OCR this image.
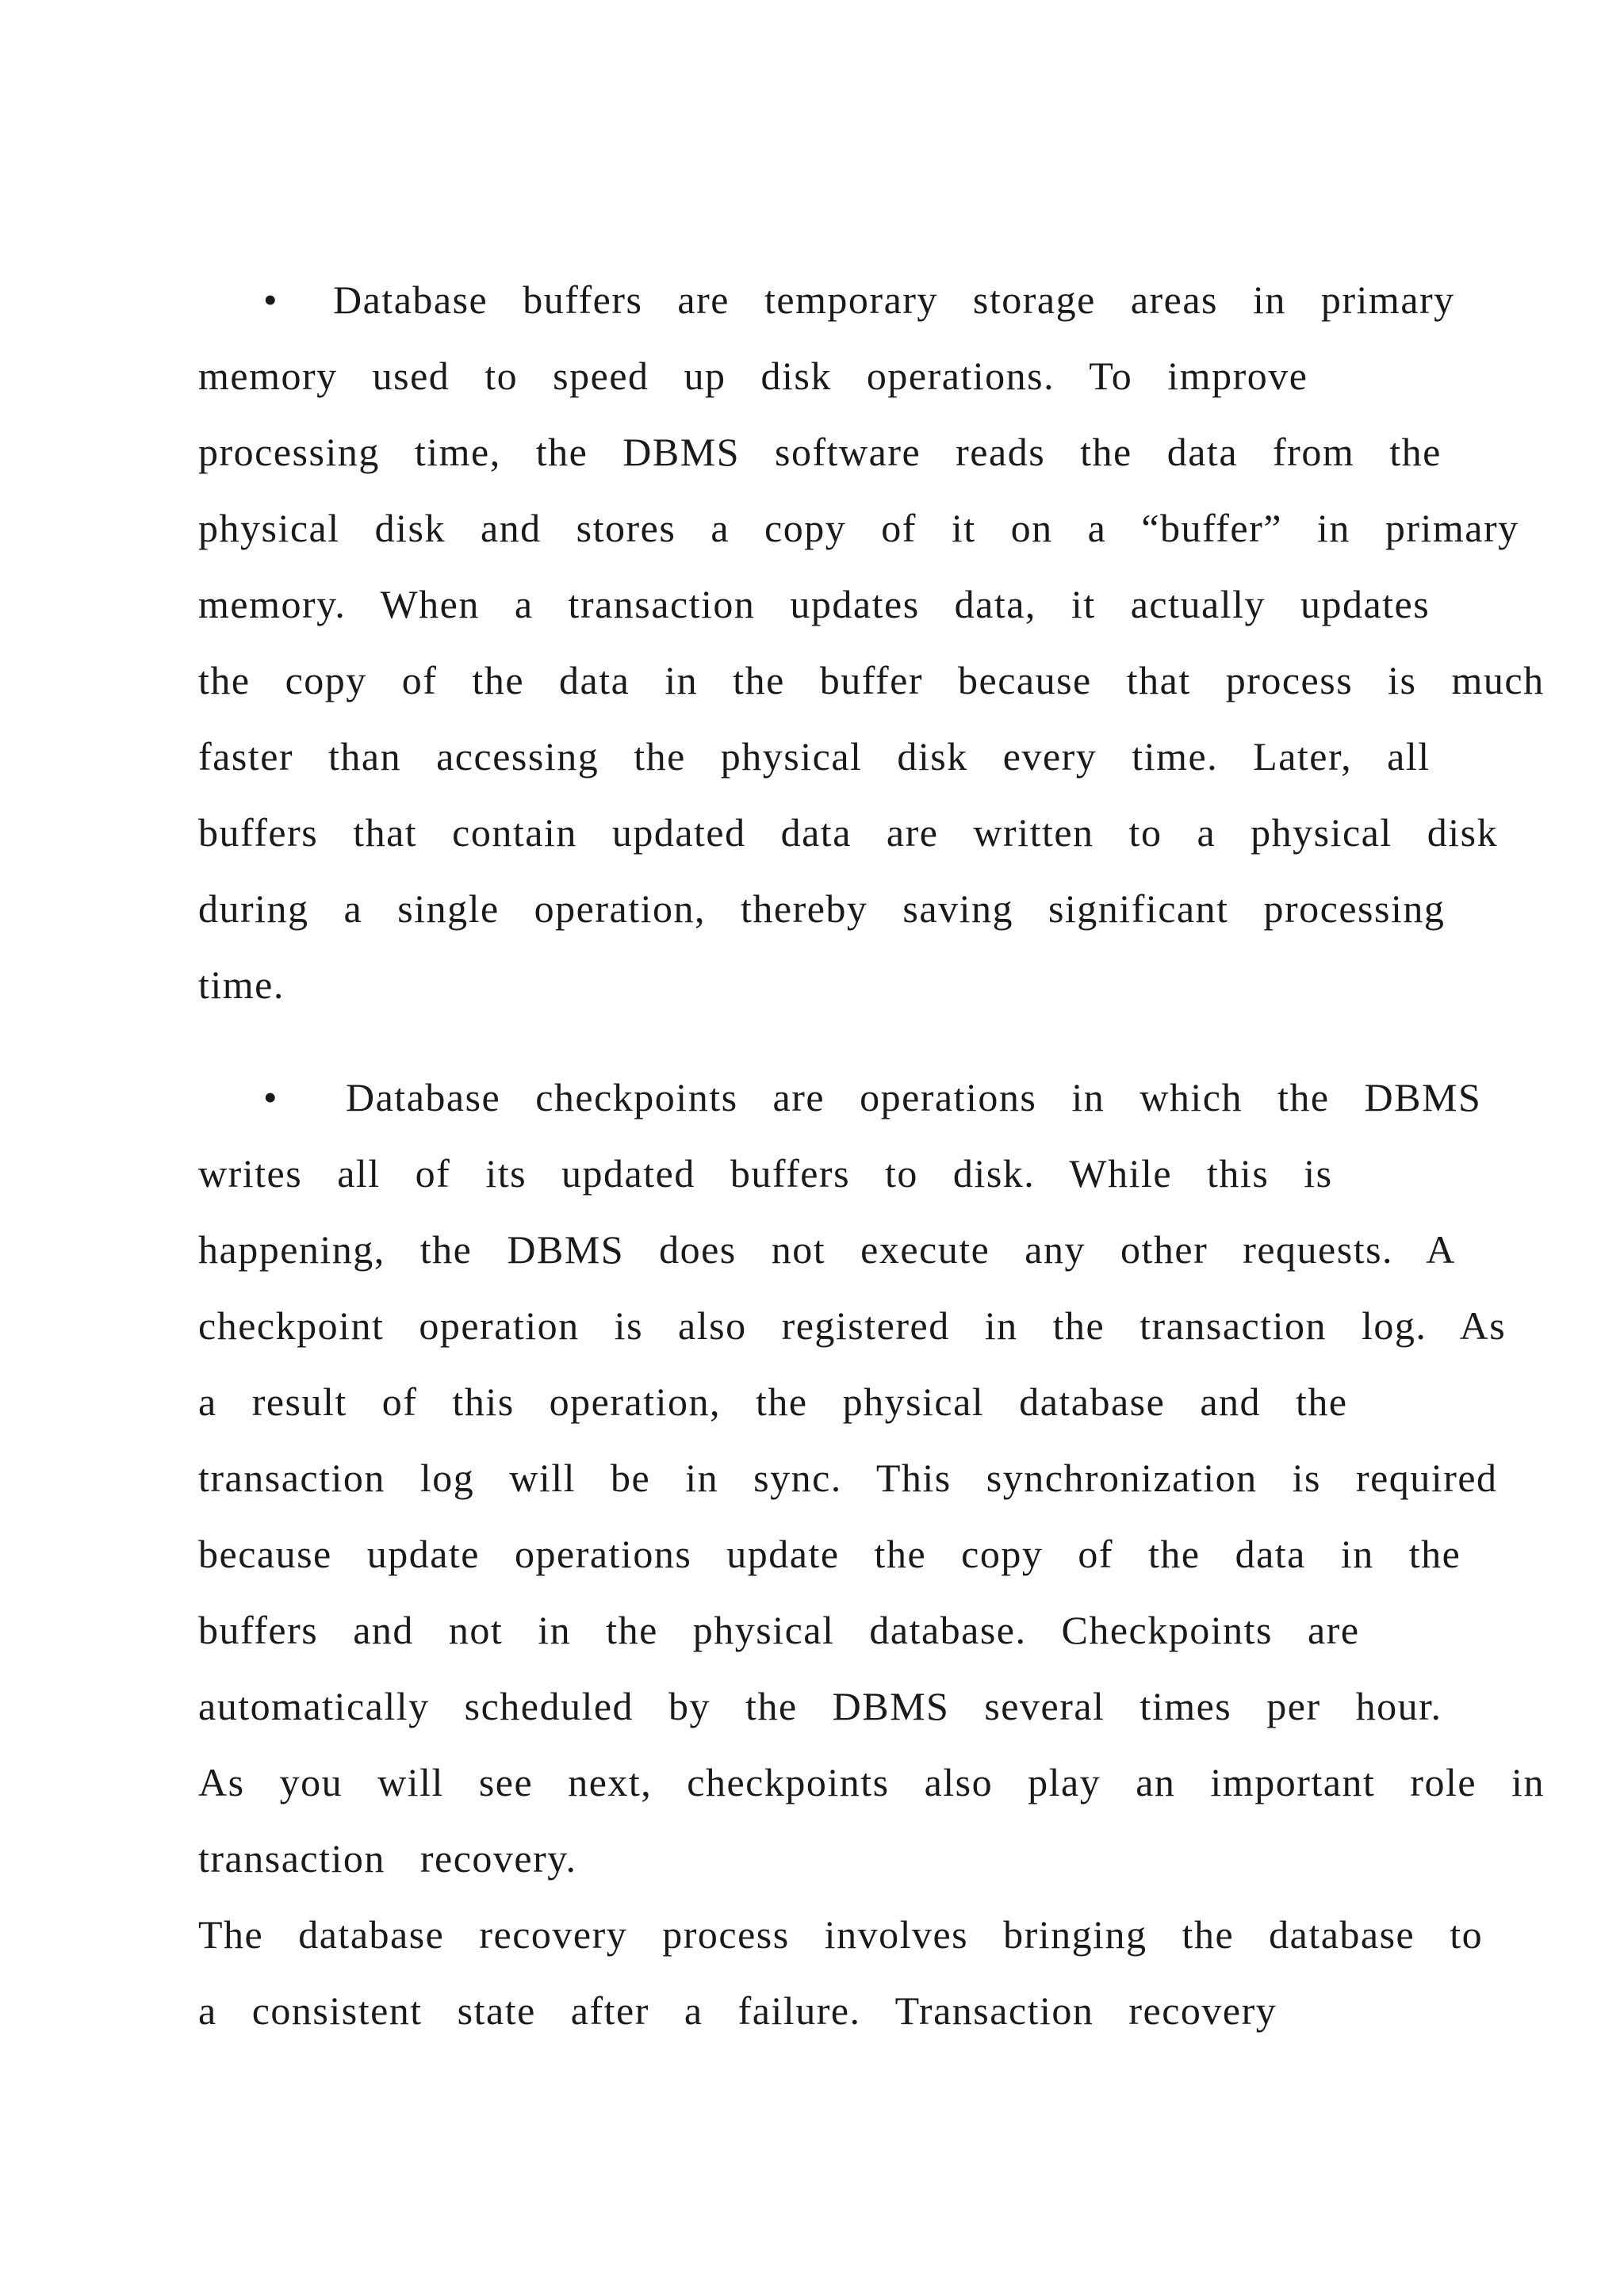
• Database  buffers  are  temporary  storage  areas  in  primary
memory  used  to  speed  up  disk  operations.  To  improve
processing  time,  the  DBMS  software  reads  the  data  from  the
physical  disk  and  stores  a  copy  of  it  on  a  “buffer”  in  primary
memory.  When  a  transaction  updates  data,  it  actually  updates
the  copy  of  the  data  in  the  buffer  because  that  process  is  much
faster  than  accessing  the  physical  disk  every  time.  Later,  all
buffers  that  contain  updated  data  are  written  to  a  physical  disk
during  a  single  operation,  thereby  saving  significant  processing
time.
• Database  checkpoints  are  operations  in  which  the  DBMS
writes  all  of  its  updated  buffers  to  disk.  While  this  is
happening,  the  DBMS  does  not  execute  any  other  requests.  A
checkpoint  operation  is  also  registered  in  the  transaction  log.  As
a  result  of  this  operation,  the  physical  database  and  the
transaction  log  will  be  in  sync.  This  synchronization  is  required
because  update  operations  update  the  copy  of  the  data  in  the
buffers  and  not  in  the  physical  database.  Checkpoints  are
automatically  scheduled  by  the  DBMS  several  times  per  hour.
As  you  will  see  next,  checkpoints  also  play  an  important  role  in
transaction  recovery.
The  database  recovery  process  involves  bringing  the  database  to
a  consistent  state  after  a  failure.  Transaction  recovery
